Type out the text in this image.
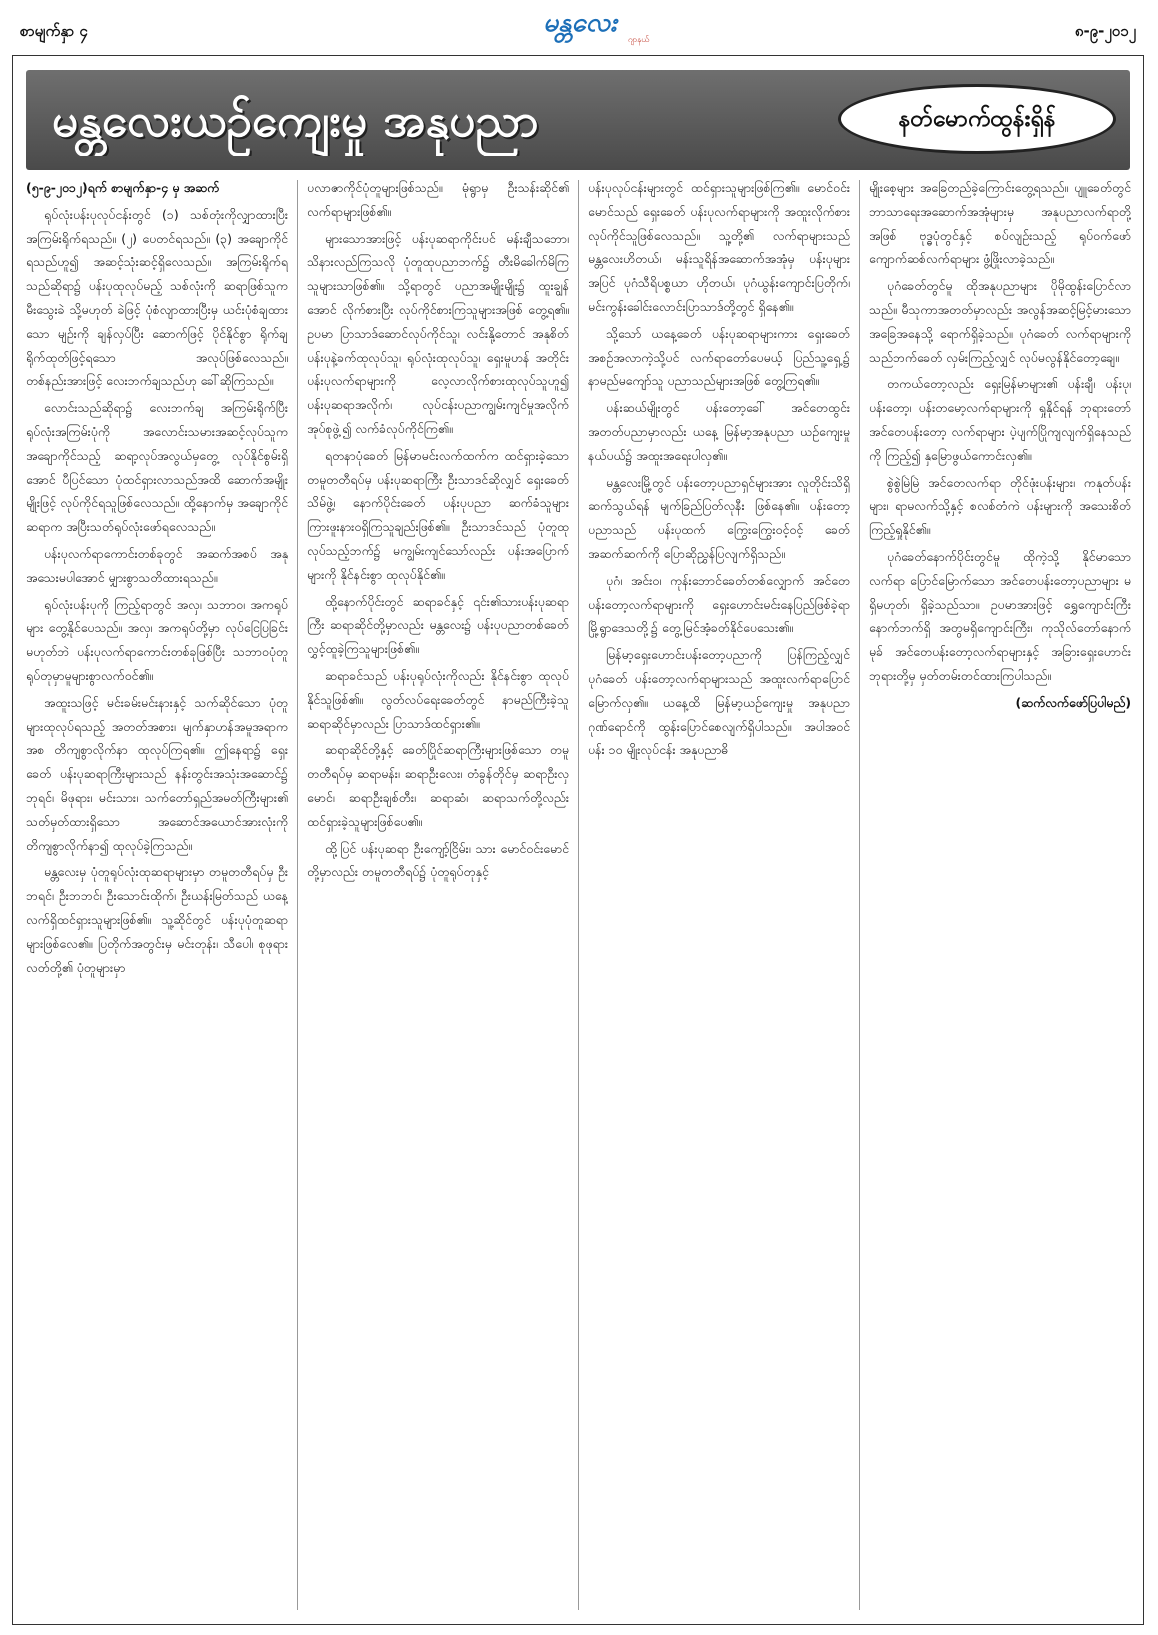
စာမျက်နှာ ၄	မန္တလေး
ဂျာနယ်	၈-၉-၂၀၁၂
မန္တလေးယဉ်ကျေးမှု အနုပညာ	နတ်မောက်ထွန်းရှိန်

(၅-၉-၂၀၁၂)ရက် စာမျက်နှာ-၄ မှ အဆက်

ရုပ်လုံးပန်းပုလုပ်ငန်းတွင် (၁) သစ်တုံးကိုလျှာထားပြီး အကြမ်းရိုက်ရသည်။ (၂) ပေတင်ရသည်။ (၃) အချောကိုင်ရသည်ဟူ၍ အဆင့်သုံးဆင့်ရှိလေသည်။ အကြမ်းရိုက်ရသည်ဆိုရာ၌ ပန်းပုထုလုပ်မည့် သစ်လုံးကို ဆရာဖြစ်သူက မီးသွေးခဲ သို့မဟုတ် ခဲဖြင့် ပုံစံလျာထားပြီးမှ ယင်းပုံစံချထားသော မျဉ်းကို ချန်လှပ်ပြီး ဆောက်ဖြင့် ပိုင်နိုင်စွာ ရိုက်ချ ရိုက်ထုတ်ဖြင့်ရသော အလုပ်ဖြစ်လေသည်။ တစ်နည်းအားဖြင့် လေးဘက်ချသည်ဟု ခေါ်ဆိုကြသည်။

လောင်းသည်ဆိုရာ၌ လေးဘက်ချ အကြမ်းရိုက်ပြီး ရုပ်လုံးအကြမ်းပုံကို အလောင်းသမားအဆင့်လုပ်သူက အချောကိုင်သည့် ဆရာ့လုပ်အလွယ်မှတွေ့ လုပ်နိုင်စွမ်းရှိအောင် ပီပြင်သော ပုံထင်ရှားလာသည်အထိ ဆောက်အမျိုးမျိုးဖြင့် လုပ်ကိုင်ရသူဖြစ်လေသည်။ ထို့နောက်မှ အချောကိုင်ဆရာက အပြီးသတ်ရုပ်လုံးဖော်ရလေသည်။

ပန်းပုလက်ရာကောင်းတစ်ခုတွင် အဆက်အစပ် အနုအသေးမပါအောင် မျှားစွာသတိထားရသည်။

ရုပ်လုံးပန်းပုကို ကြည့်ရာတွင် အလှ၊ သဘာဝ၊ အကရုပ်များ တွေ့နိုင်ပေသည်။ အလှ၊ အကရုပ်တို့မှာ လုပ်ငြေပြခြင်း မဟုတ်ဘဲ ပန်းပုလက်ရာကောင်းတစ်ခုဖြစ်ပြီး သဘာဝပုံတူ ရုပ်တုမှာမူများစွာလက်ဝင်၏။

အထူးသဖြင့် မင်းခမ်းမင်းနားနှင့် သက်ဆိုင်သော ပုံတူများထုလုပ်ရသည့် အတတ်အစား၊ မျက်နှာဟန်အမူအရာကအစ တိကျစွာလိုက်နာ ထုလုပ်ကြရ၏။ ဤနေရာ၌ ရှေးခေတ် ပန်းပုဆရာကြီးများသည် နန်းတွင်းအသုံးအဆောင်၌ ဘုရင်၊ မိဖုရား၊ မင်းသား၊ သက်တော်ရှည်အမတ်ကြီးများ၏ သတ်မှတ်ထားရှိသော အဆောင်အယောင်အားလုံးကို တိကျစွာလိုက်နာ၍ ထုလုပ်ခဲ့ကြသည်။

မန္တလေးမှ ပုံတူရုပ်လုံးထုဆရာများမှာ တမူတတီရပ်မှ ဦးဘရင်၊ ဦးဘဘင်၊ ဦးသောင်းထိုက်၊ ဦးယန်းမြတ်သည် ယနေ့ လက်ရှိထင်ရှားသူများဖြစ်၏။ သူ့ဆိုင်တွင် ပန်းပုပုံတူဆရာများဖြစ်လေ၏။ ပြတိုက်အတွင်းမှ မင်းတုန်း၊ သီပေါ၊ စုဖုရားလတ်တို့၏ ပုံတူများမှာ

ပလာဇာကိုင်ပုံတူများဖြစ်သည်။ မုံရွာမှ ဦးသန်းဆိုင်၏ လက်ရာများဖြစ်၏။

များသောအားဖြင့် ပန်းပုဆရာကိုင်းပင် မန်းချီသဘော၊ သိနားလည်ကြသလို ပုံတူထုပညာဘက်၌ တီးမိခေါက်မိကြသူများသာဖြစ်၏။ သို့ရာတွင် ပညာအမျိုးမျိုး၌ ထူးချွန်အောင် လိုက်စားပြီး လုပ်ကိုင်စားကြသူများအဖြစ် တွေ့ရ၏။ ဥပမာ ပြာသာဒ်ဆောင်လုပ်ကိုင်သူ၊ လင်းနို့တောင် အနုစိတ် ပန်းပုနဲ့ခက်ထုလုပ်သူ၊ ရုပ်လုံးထုလုပ်သူ၊ ရှေးမူဟန် အတိုင်း ပန်းပုလက်ရာများကို လေ့လာလိုက်စားထုလုပ်သူဟူ၍ ပန်းပုဆရာအလိုက်၊ လုပ်ငန်းပညာကျွမ်းကျင်မှုအလိုက် အုပ်စုဖွဲ့၍ လက်ခံလုပ်ကိုင်ကြ၏။

ရတနာပုံခေတ် မြန်မာမင်းလက်ထက်က ထင်ရှားခဲ့သော တမူတတီရပ်မှ ပန်းပုဆရာကြီး ဦးသာဒင်ဆိုလျှင် ရှေးခေတ် သိမ်ဖွဲ့၊ နောက်ပိုင်းခေတ် ပန်းပုပညာ ဆက်ခံသူများ ကြားဖူးနားဝရှိကြသူချည်းဖြစ်၏။ ဦးသာဒင်သည် ပုံတူထုလုပ်သည့်ဘက်၌ မကျွမ်းကျင်သော်လည်း ပန်းအပြောက်များကို နိုင်နင်းစွာ ထုလုပ်နိုင်၏။

ထို့နောက်ပိုင်းတွင် ဆရာခင်နှင့် ၎င်း၏သားပန်းပုဆရာကြီး ဆရာဆိုင်တို့မှာလည်း မန္တလေး၌ ပန်းပုပညာတစ်ခေတ် လွှင့်ထူခဲ့ကြသူများဖြစ်၏။

ဆရာခင်သည် ပန်းပုရုပ်လုံးကိုလည်း နိုင်နင်းစွာ ထုလုပ်နိုင်သူဖြစ်၏။ လွတ်လပ်ရေးခေတ်တွင် နာမည်ကြီးခဲ့သူ ဆရာဆိုင်မှာလည်း ပြာသာဒ်ထင်ရှား၏။

ဆရာဆိုင်တို့နှင့် ခေတ်ပြိုင်ဆရာကြီးများဖြစ်သော တမူတတီရပ်မှ ဆရာမန်း၊ ဆရာဦးလေး၊ တံခွန်တိုင်မှ ဆရာဦးလှမောင်၊ ဆရာဦးချစ်တီး၊ ဆရာဆံ၊ ဆရာသက်တို့လည်း ထင်ရှားခဲ့သူများဖြစ်ပေ၏။

ထို့ပြင် ပန်းပုဆရာ ဦးကျော့်ငြိမ်း၊ သား မောင်ဝင်းမောင်တို့မှာလည်း တမူတတီရပ်၌ ပုံတူရုပ်တုနှင့်

ပန်းပုလုပ်ငန်းများတွင် ထင်ရှားသူများဖြစ်ကြ၏။ မောင်ဝင်းမောင်သည် ရှေးခေတ် ပန်းပုလက်ရာများကို အထူးလိုက်စားလုပ်ကိုင်သူဖြစ်လေသည်။ သူ့တို့၏ လက်ရာများသည် မန္တလေးဟိတယ်၊ မန်းသူရိန်အဆောက်အအုံမှ ပန်းပုများအပြင် ပုဂံသီရိပစ္စယာ ဟိုတယ်၊ ပုဂံယွန်းကျောင်းပြတိုက်၊ မင်းကွန်းခေါင်းလောင်းပြာသာဒ်တို့တွင် ရှိနေ၏။

သို့သော် ယနေ့ခေတ် ပန်းပုဆရာများကား ရှေးခေတ်အစဉ်အလာကဲ့သို့ပင် လက်ရာတော်ပေမယ့် ပြည်သူ့ရှေ့၌ နာမည်မကျော်သူ ပညာသည်များအဖြစ် တွေ့ကြရ၏။

ပန်းဆယ်မျိုးတွင် ပန်းတော့ခေါ် အင်တေထွင်းအတတ်ပညာမှာလည်း ယနေ့ မြန်မာ့အနုပညာ ယဉ်ကျေးမှုနယ်ပယ်၌ အထူးအရေးပါလှ၏။

မန္တလေးမြို့တွင် ပန်းတော့ပညာရှင်များအား လူတိုင်းသိရှိဆက်သွယ်ရန် မျက်ခြည်ပြတ်လုနီး ဖြစ်နေ၏။ ပန်းတော့ပညာသည် ပန်းပုထက် ကြွေးကြွေးဝင့်ဝင့် ခေတ်အဆက်ဆက်ကို ပြောဆိုညွှန်ပြလျက်ရှိသည်။

ပုဂံ၊ အင်းဝ၊ ကုန်းဘောင်ခေတ်တစ်လျှောက် အင်တေပန်းတော့လက်ရာများကို ရှေးဟောင်းမင်းနေပြည်ဖြစ်ခဲ့ရာ မြို့ရွာဒေသတို့၌ တွေ့မြင်အံ့ခတ်နိုင်ပေသေး၏။

မြန်မာ့ရှေးဟောင်းပန်းတော့ပညာကို ပြန်ကြည့်လျှင် ပုဂံခေတ် ပန်းတော့လက်ရာများသည် အထူးလက်ရာပြောင်မြောက်လှ၏။ ယနေ့ထိ မြန်မာ့ယဉ်ကျေးမှု အနုပညာဂုဏ်ရောင်ကို ထွန်းပြောင်စေလျက်ရှိပါသည်။ အပါအဝင် ပန်း ၁၀ မျိုးလုပ်ငန်း အနုပညာဓိ

မျိုးစေ့များ အခြေတည်ခဲ့ကြောင်းတွေ့ရသည်။ ပျူခေတ်တွင် ဘာသာရေးအဆောက်အအုံများမှ အနုပညာလက်ရာတို့အဖြစ် ဗုဒ္ဓပုံတွင်နှင့် စပ်လျဉ်းသည့် ရုပ်ဝက်ဖော် ကျောက်ဆစ်လက်ရာများ ဖွံ့ဖြိုးလာခဲ့သည်။

ပုဂံခေတ်တွင်မူ ထိုအနုပညာများ ပိုမိုထွန်းပြောင်လာသည်။ မီသုကာအတတ်မှာလည်း အလွန်အဆင့်မြင့်မားသော အခြေအနေသို့ ရောက်ရှိခဲ့သည်။ ပုဂံခေတ် လက်ရာများကို သည်ဘက်ခေတ် လှမ်းကြည့်လျှင် လုပ်မလွန်နိုင်တော့ချေ။

တကယ်တော့လည်း ရှေးမြန်မာများ၏ ပန်းချီ၊ ပန်းပု၊ ပန်းတော့၊ ပန်းတမော့လက်ရာများကို ရှုနိုင်ရန် ဘုရားတော် အင်တေပန်းတော့ လက်ရာများ ပဲ့ပျက်ပြိုကျလျက်ရှိနေသည်ကို ကြည့်၍ နှမြောဖွယ်ကောင်းလှ၏။

စွဲစွဲမြဲမြဲ အင်တေလက်ရာ တိုင်ဖုံးပန်းများ၊ ကနုတ်ပန်းများ၊ ရာမလက်သို့နှင့် စလစ်တံကဲ ပန်းများကို အသေးစိတ်ကြည့်ရှုနိုင်၏။

ပုဂံခေတ်နောက်ပိုင်းတွင်မူ ထိုကဲ့သို့ နိုင်မာသော လက်ရာ ပြောင်မြောက်သော အင်တေပန်းတော့ပညာများ မရှိမဟုတ်၊ ရှိခဲ့သည်သာ။ ဥပမာအားဖြင့် ရွှေကျောင်းကြီးနောက်ဘက်ရှိ အတွမရှိကျောင်းကြီး၊ ကုသိုလ်တော်နောက်မုခ် အင်တေပန်းတော့လက်ရာများနှင့် အခြားရှေးဟောင်းဘုရားတို့မှ မှတ်တမ်းတင်ထားကြပါသည်။

(ဆက်လက်ဖော်ပြပါမည်)
